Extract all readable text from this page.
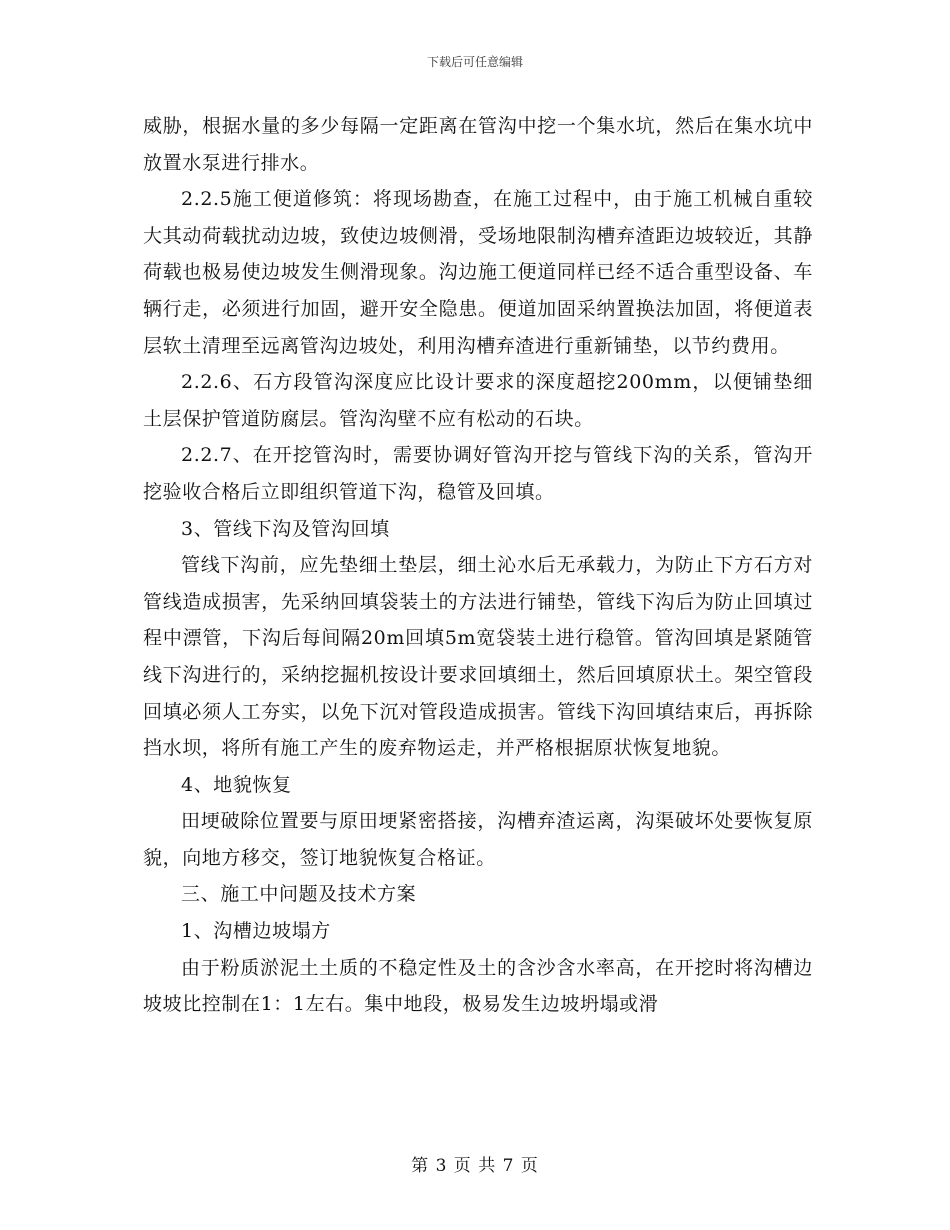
下载后可任意编辑

威胁，根据水量的多少每隔一定距离在管沟中挖一个集水坑，然后在集水坑中放置水泵进行排水。

2.2.5施工便道修筑：将现场勘查，在施工过程中，由于施工机械自重较大其动荷载扰动边坡，致使边坡侧滑，受场地限制沟槽弃渣距边坡较近，其静荷载也极易使边坡发生侧滑现象。沟边施工便道同样已经不适合重型设备、车辆行走，必须进行加固，避开安全隐患。便道加固采纳置换法加固，将便道表层软土清理至远离管沟边坡处，利用沟槽弃渣进行重新铺垫，以节约费用。

2.2.6、石方段管沟深度应比设计要求的深度超挖200mm，以便铺垫细土层保护管道防腐层。管沟沟壁不应有松动的石块。

2.2.7、在开挖管沟时，需要协调好管沟开挖与管线下沟的关系，管沟开挖验收合格后立即组织管道下沟，稳管及回填。

3、管线下沟及管沟回填

管线下沟前，应先垫细土垫层，细土沁水后无承载力，为防止下方石方对管线造成损害，先采纳回填袋装土的方法进行铺垫，管线下沟后为防止回填过程中漂管，下沟后每间隔20m回填5m宽袋装土进行稳管。管沟回填是紧随管线下沟进行的，采纳挖掘机按设计要求回填细土，然后回填原状土。架空管段回填必须人工夯实，以免下沉对管段造成损害。管线下沟回填结束后，再拆除挡水坝，将所有施工产生的废弃物运走，并严格根据原状恢复地貌。

4、地貌恢复

田埂破除位置要与原田埂紧密搭接，沟槽弃渣运离，沟渠破坏处要恢复原貌，向地方移交，签订地貌恢复合格证。

三、施工中问题及技术方案

1、沟槽边坡塌方

由于粉质淤泥土土质的不稳定性及土的含沙含水率高，在开挖时将沟槽边坡坡比控制在1：1左右。集中地段，极易发生边坡坍塌或滑

第 3 页 共 7 页
